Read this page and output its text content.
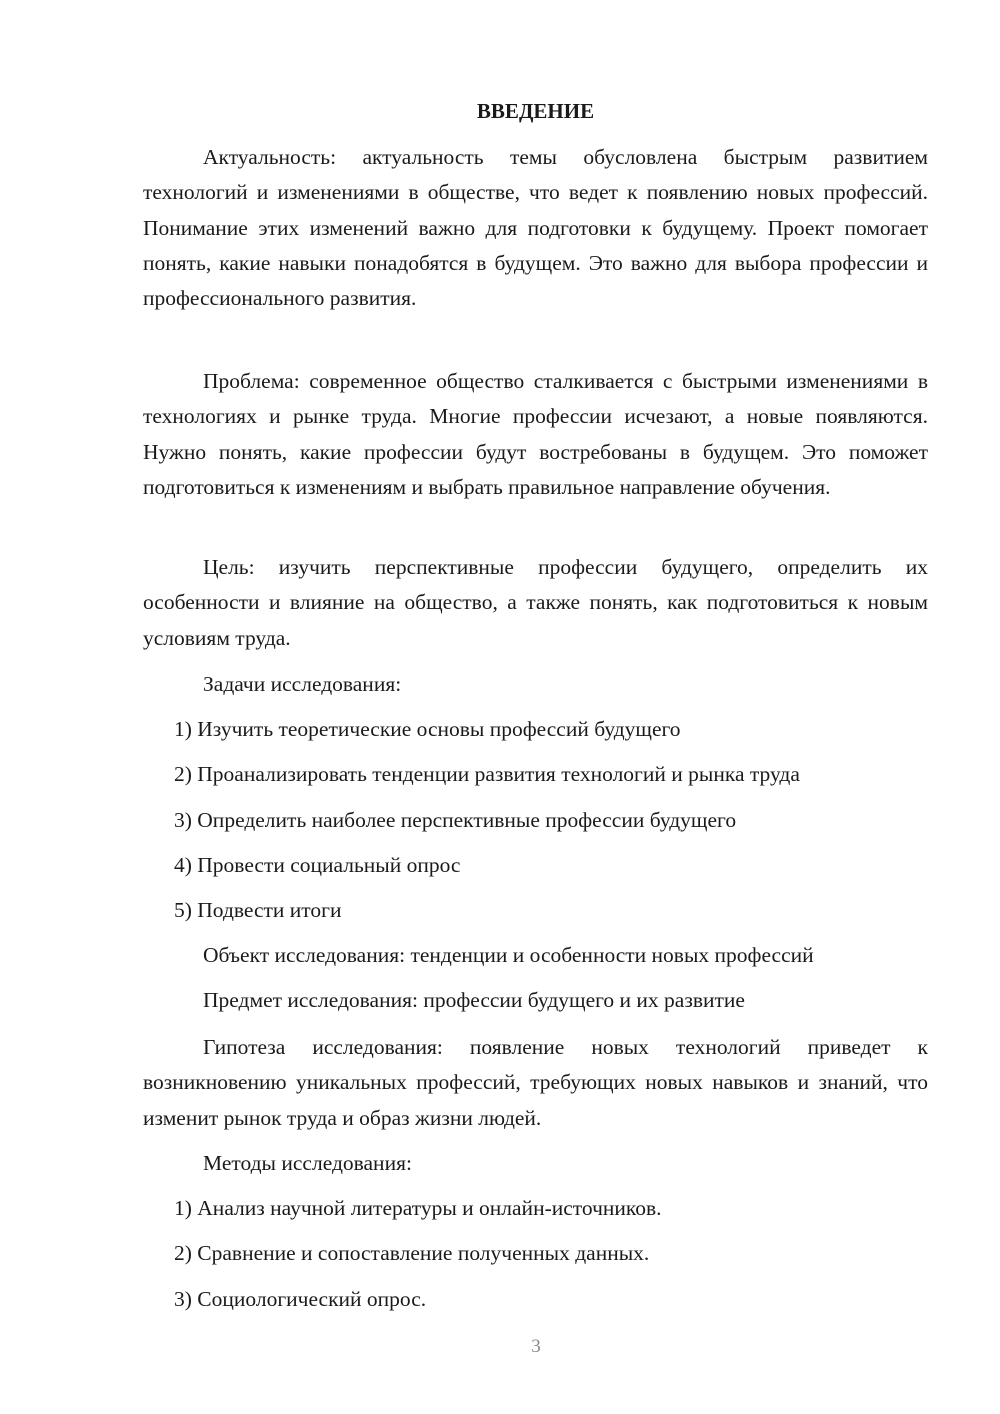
ВВЕДЕНИЕ

Актуальность: актуальность темы обусловлена быстрым развитием технологий и изменениями в обществе, что ведет к появлению новых профессий. Понимание этих изменений важно для подготовки к будущему. Проект помогает понять, какие навыки понадобятся в будущем. Это важно для выбора профессии и профессионального развития.

Проблема: современное общество сталкивается с быстрыми изменениями в технологиях и рынке труда. Многие профессии исчезают, а новые появляются. Нужно понять, какие профессии будут востребованы в будущем. Это поможет подготовиться к изменениям и выбрать правильное направление обучения.

Цель: изучить перспективные профессии будущего, определить их особенности и влияние на общество, а также понять, как подготовиться к новым условиям труда.

Задачи исследования:

1) Изучить теоретические основы профессий будущего

2) Проанализировать тенденции развития технологий и рынка труда

3) Определить наиболее перспективные профессии будущего

4) Провести социальный опрос

5) Подвести итоги

Объект исследования: тенденции и особенности новых профессий

Предмет исследования: профессии будущего и их развитие

Гипотеза исследования: появление новых технологий приведет к возникновению уникальных профессий, требующих новых навыков и знаний, что изменит рынок труда и образ жизни людей.

Методы исследования:

1) Анализ научной литературы и онлайн-источников.

2) Сравнение и сопоставление полученных данных.

3) Социологический опрос.

3
